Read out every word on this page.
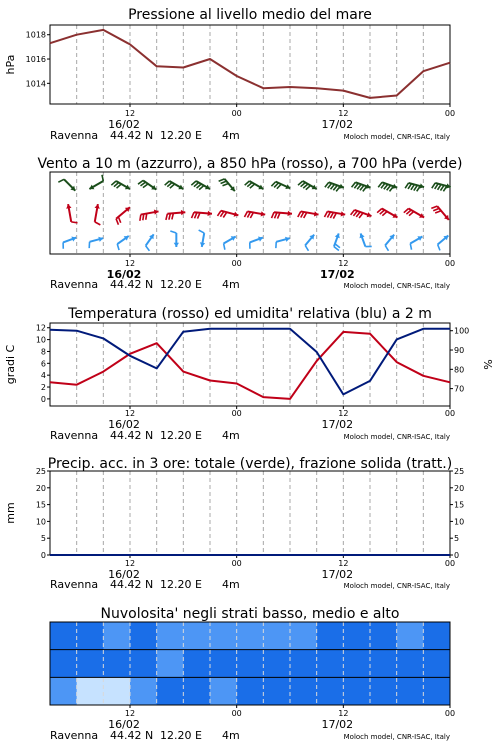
Pressione al livello medio del mare
12	00	12	00
16/02	17/02
Ravenna 44.42 N 12.20 E 4m	Moloch model, CNR-ISAC, Italy
1014
1016
1018
hPa
Vento a 10 m (azzurro), a 850 hPa (rosso), a 700 hPa (verde)
12	00	12	00
16/02	17/02
Ravenna 44.42 N 12.20 E 4m	Moloch model, CNR-ISAC, Italy
Temperatura (rosso) ed umidita' relativa (blu) a 2 m
12	00	12	00
16/02	17/02
Ravenna 44.42 N 12.20 E 4m	Moloch model, CNR-ISAC, Italy
0
2
4
6
8
10
12
70
80
90
100
gradi C	%
Precip. acc. in 3 ore: totale (verde), frazione solida (tratt.)
12	00	12	00
16/02	17/02
Ravenna 44.42 N 12.20 E 4m	Moloch model, CNR-ISAC, Italy
0
5
10
15
20
25
0
5
10
15
20
25
mm
Nuvolosita' negli strati basso, medio e alto
12	00	12	00
16/02	17/02
Ravenna 44.42 N 12.20 E 4m	Moloch model, CNR-ISAC, Italy
